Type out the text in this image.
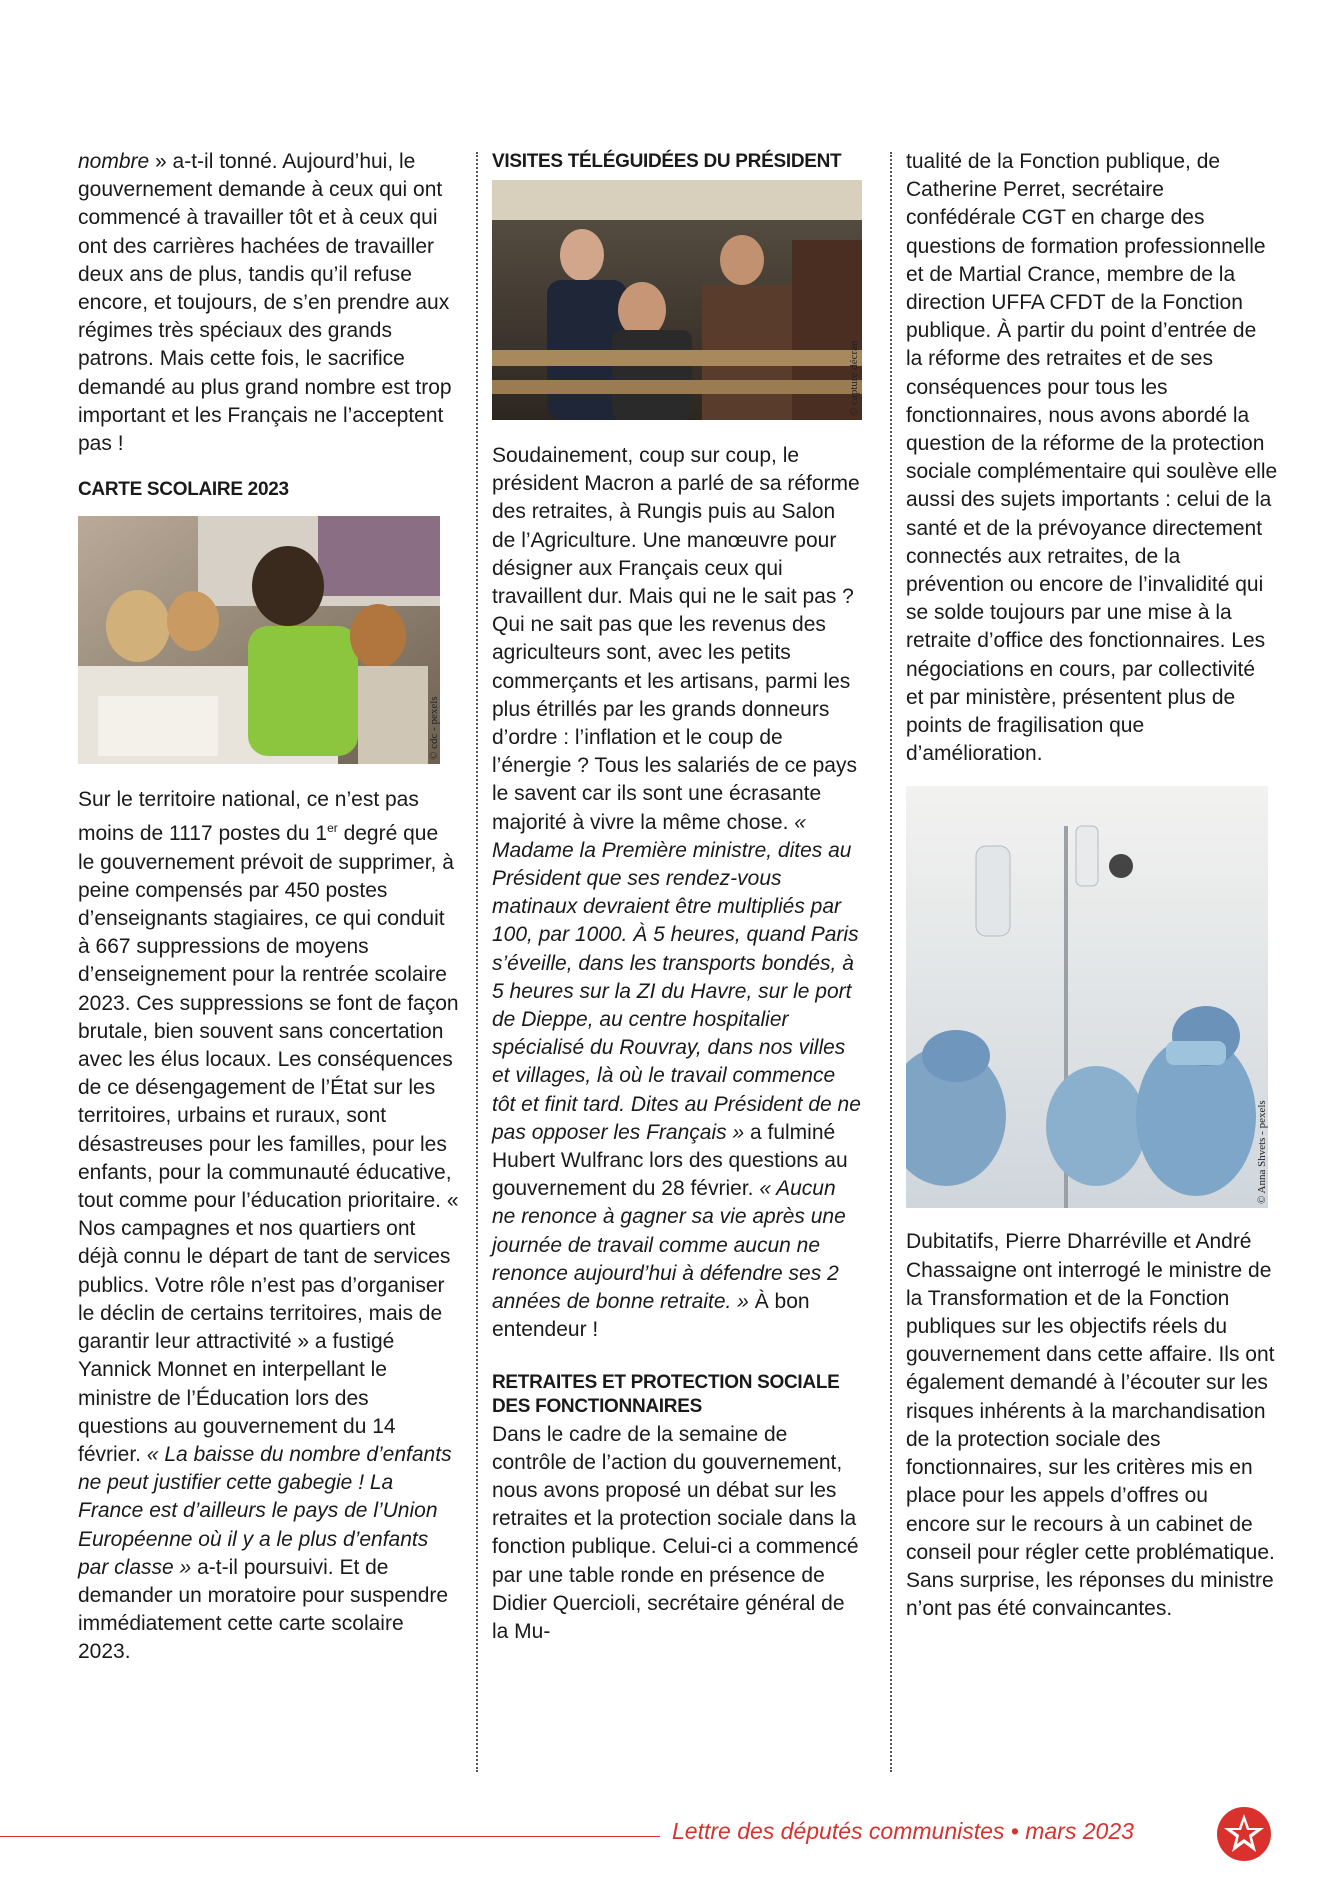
nombre » a-t-il tonné. Aujourd’hui, le gouvernement demande à ceux qui ont commencé à travailler tôt et à ceux qui ont des carrières hachées de travailler deux ans de plus, tandis qu’il refuse encore, et toujours, de s’en prendre aux régimes très spéciaux des grands patrons. Mais cette fois, le sacrifice demandé au plus grand nombre est trop important et les Français ne l’acceptent pas !

CARTE SCOLAIRE 2023
© cdc - pexels

Sur le territoire national, ce n’est pas moins de 1117 postes du 1er degré que le gouvernement prévoit de supprimer, à peine compensés par 450 postes d’enseignants stagiaires, ce qui conduit à 667 suppressions de moyens d’enseignement pour la rentrée scolaire 2023. Ces suppressions se font de façon brutale, bien souvent sans concertation avec les élus locaux. Les conséquences de ce désengagement de l’État sur les territoires, urbains et ruraux, sont désastreuses pour les familles, pour les enfants, pour la communauté éducative, tout comme pour l’éducation prioritaire. « Nos campagnes et nos quartiers ont déjà connu le départ de tant de services publics. Votre rôle n’est pas d’organiser le déclin de certains territoires, mais de garantir leur attractivité » a fustigé Yannick Monnet en interpellant le ministre de l’Éducation lors des questions au gouvernement du 14 février. « La baisse du nombre d’enfants ne peut justifier cette gabegie ! La France est d’ailleurs le pays de l’Union Européenne où il y a le plus d’enfants par classe » a-t-il poursuivi. Et de demander un moratoire pour suspendre immédiatement cette carte scolaire 2023.

VISITES TÉLÉGUIDÉES DU PRÉSIDENT
© capture décran

Soudainement, coup sur coup, le président Macron a parlé de sa réforme des retraites, à Rungis puis au Salon de l’Agriculture. Une manœuvre pour désigner aux Français ceux qui travaillent dur. Mais qui ne le sait pas ? Qui ne sait pas que les revenus des agriculteurs sont, avec les petits commerçants et les artisans, parmi les plus étrillés par les grands donneurs d’ordre : l’inflation et le coup de l’énergie ? Tous les salariés de ce pays le savent car ils sont une écrasante majorité à vivre la même chose. « Madame la Première ministre, dites au Président que ses rendez-vous matinaux devraient être multipliés par 100, par 1000. À 5 heures, quand Paris s’éveille, dans les transports bondés, à 5 heures sur la ZI du Havre, sur le port de Dieppe, au centre hospitalier spécialisé du Rouvray, dans nos villes et villages, là où le travail commence tôt et finit tard. Dites au Président de ne pas opposer les Français » a fulminé Hubert Wulfranc lors des questions au gouvernement du 28 février. « Aucun ne renonce à gagner sa vie après une journée de travail comme aucun ne renonce aujourd’hui à défendre ses 2 années de bonne retraite. » À bon entendeur !

RETRAITES ET PROTECTION SOCIALE DES FONCTIONNAIRES

Dans le cadre de la semaine de contrôle de l’action du gouvernement, nous avons proposé un débat sur les retraites et la protection sociale dans la fonction publique. Celui-ci a commencé par une table ronde en présence de Didier Quercioli, secrétaire général de la Mu-

tualité de la Fonction publique, de Catherine Perret, secrétaire confédérale CGT en charge des questions de formation professionnelle et de Martial Crance, membre de la direction UFFA CFDT de la Fonction publique. À partir du point d’entrée de la réforme des retraites et de ses conséquences pour tous les fonctionnaires, nous avons abordé la question de la réforme de la protection sociale complémentaire qui soulève elle aussi des sujets importants : celui de la santé et de la prévoyance directement connectés aux retraites, de la prévention ou encore de l’invalidité qui se solde toujours par une mise à la retraite d’office des fonctionnaires. Les négociations en cours, par collectivité et par ministère, présentent plus de points de fragilisation que d’amélioration.

© Anna Shvets - pexels

Dubitatifs, Pierre Dharréville et André Chassaigne ont interrogé le ministre de la Transformation et de la Fonction publiques sur les objectifs réels du gouvernement dans cette affaire. Ils ont également demandé à l’écouter sur les risques inhérents à la marchandisation de la protection sociale des fonctionnaires, sur les critères mis en place pour les appels d’offres ou encore sur le recours à un cabinet de conseil pour régler cette problématique. Sans surprise, les réponses du ministre n’ont pas été convaincantes.

Lettre des députés communistes • mars 2023
